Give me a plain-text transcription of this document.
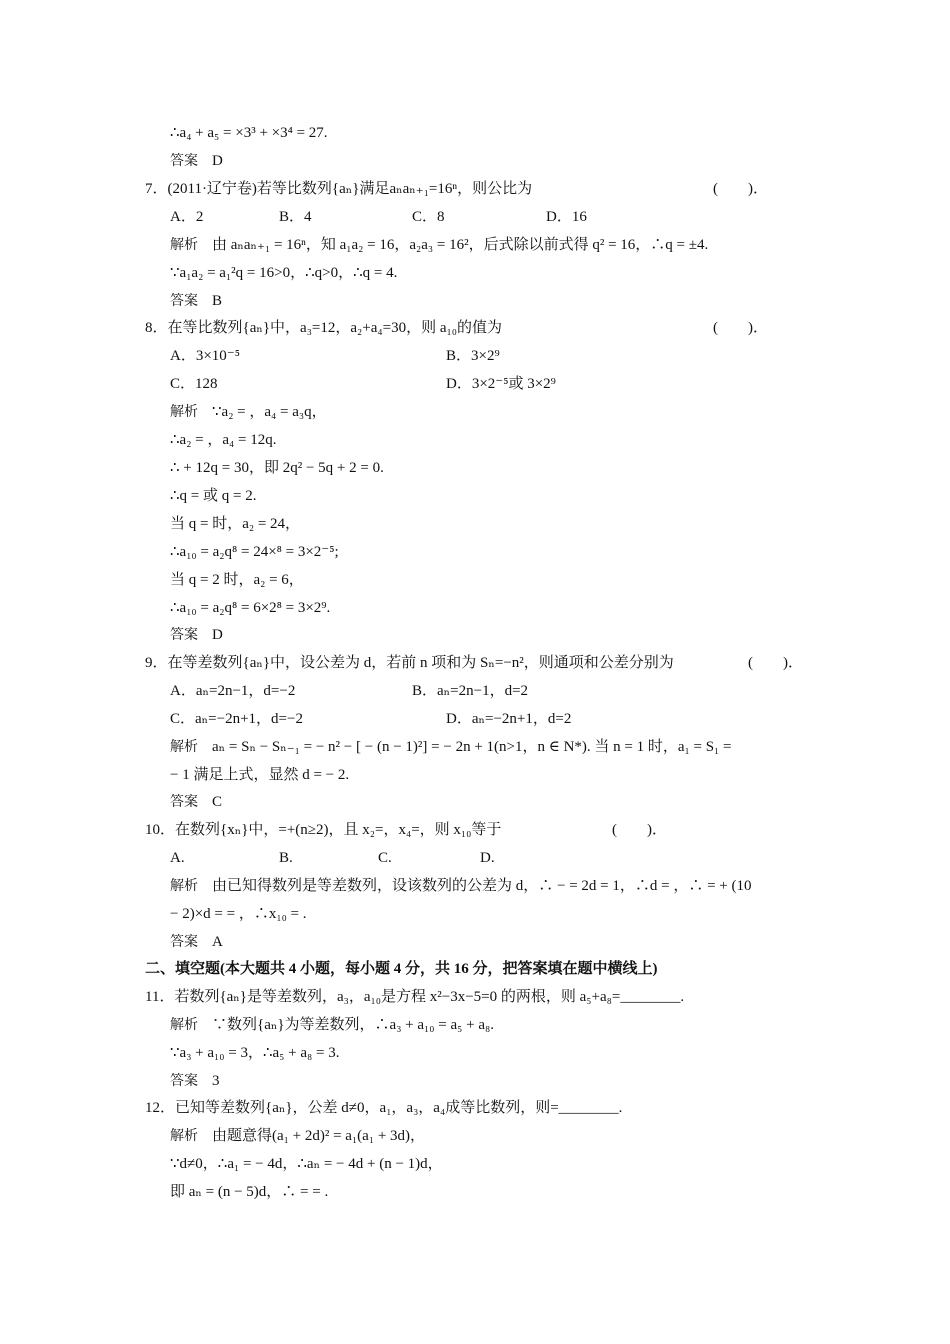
∴a₄ + a₅ = ×3³ + ×3⁴ = 27.
答案 D
7．(2011·辽宁卷)若等比数列{aₙ}满足aₙaₙ₊₁=16ⁿ，则公比为	(　　)．
A．2	B．4	C．8	D．16
解析 由 aₙaₙ₊₁ = 16ⁿ，知 a₁a₂ = 16，a₂a₃ = 16²，后式除以前式得 q² = 16，∴q = ±4.
∵a₁a₂ = a₁²q = 16>0，∴q>0，∴q = 4.
答案 B
8．在等比数列{aₙ}中，a₃=12，a₂+a₄=30，则 a₁₀的值为	(　　)．
A．3×10⁻⁵	B．3×2⁹
C．128	D．3×2⁻⁵或 3×2⁹
解析 ∵a₂ = ，a₄ = a₃q，
∴a₂ = ，a₄ = 12q.
∴ + 12q = 30，即 2q² − 5q + 2 = 0.
∴q = 或 q = 2.
当 q = 时，a₂ = 24，
∴a₁₀ = a₂q⁸ = 24×⁸ = 3×2⁻⁵;
当 q = 2 时，a₂ = 6，
∴a₁₀ = a₂q⁸ = 6×2⁸ = 3×2⁹.
答案 D
9．在等差数列{aₙ}中，设公差为 d，若前 n 项和为 Sₙ=−n²，则通项和公差分别为	(　　)．
A．aₙ=2n−1，d=−2	B．aₙ=2n−1，d=2
C．aₙ=−2n+1，d=−2	D．aₙ=−2n+1，d=2
解析 aₙ = Sₙ − Sₙ₋₁ = − n² − [ − (n − 1)²] = − 2n + 1(n>1，n ∈ N*). 当 n = 1 时，a₁ = S₁ =
− 1 满足上式，显然 d = − 2.
答案 C
10．在数列{xₙ}中，=+(n≥2)，且 x₂=，x₄=，则 x₁₀等于	(　　)．
A.	B.	C.	D.
解析 由已知得数列是等差数列，设该数列的公差为 d，∴ − = 2d = 1，∴d = ，∴ = + (10
− 2)×d = = ，∴x₁₀ = .
答案 A
二、填空题(本大题共 4 小题，每小题 4 分，共 16 分，把答案填在题中横线上)
11．若数列{aₙ}是等差数列，a₃，a₁₀是方程 x²−3x−5=0 的两根，则 a₅+a₈=________.
解析 ∵数列{aₙ}为等差数列，∴a₃ + a₁₀ = a₅ + a₈.
∵a₃ + a₁₀ = 3，∴a₅ + a₈ = 3.
答案 3
12．已知等差数列{aₙ}，公差 d≠0，a₁，a₃，a₄成等比数列，则=________.
解析 由题意得(a₁ + 2d)² = a₁(a₁ + 3d)，
∵d≠0，∴a₁ = − 4d，∴aₙ = − 4d + (n − 1)d，
即 aₙ = (n − 5)d，∴ = = .
